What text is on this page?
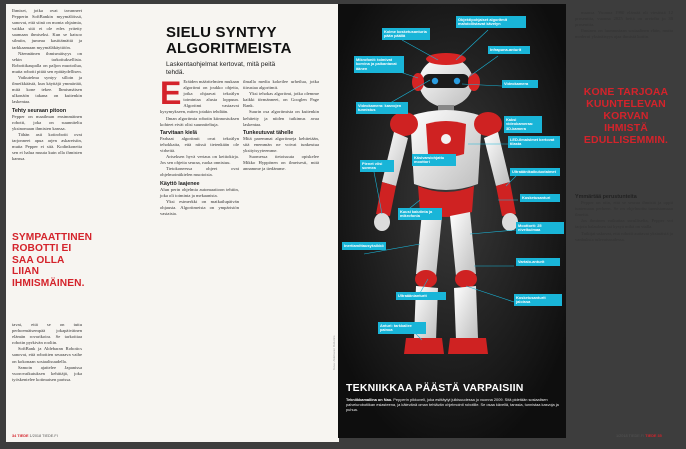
Ihmiset, jotka ovat tavanneet Pepperin SoftBankin myymälöissä, sanovat, että siinä on monta ohjaimia, vaikka sitä ei ole edes yritetty saamaan ihmiseksi. Kun se katsoo silmiin, jumeaa kasittämättä ja tarkkaamaan myymäläkäyttöön.

Näennäinen ihmismäisyys on sekin tarkoituksellista. Robottikaupalla on paljon muotoilua, mutta robotti pitää sen epätäydellisen.

Vaikutelma syntyy silloin ja ilmeikkäästä, kun käyttäjä ymmärtää, mitä kone tekee. Ihmismäisen ulkonäön takana on kuitenkin laskentaa.

Tehty seuraan pitoon

Pepper on maailman ensimmäinen robotti, joka on suunniteltu yksinomaan ihmisten kanssa.

Tähän asti kotirobotit ovat tarjonneet apua arjen askareisiin, mutta Pepper ei sitä. Kodinkoneita sen ei halua muuta kuin olla ihmisten kanssa.

SYMPAATTINEN ROBOTTI EI SAA OLLA LIIAN IHMISMÄINEN.

tavat, että se on tuttu perhoemäisempää jokapäiväinen elämän rovarikoira. Se tarkoittaa robotin pyrkivän rooliin.

SoftBank ja Aldebaran Robotics sanovat, että robottien seuraava vaihe on kokonaan sosiaalisuudella.

Samoin ajattelee Japanissa vuorovaikutuksen kehittäjä, joka työskentelee kotimaisen parissa.

SIELU SYNTYY ALGORITMEISTA
Laskentaohjelmat kertovat, mitä peitä tehdä.
E Eräiden määritelmien mukaan algoritmi on joukko ohjeita, jotka ohjaavat tekoälyn toimintaa alusta loppuun. Algoritmi vastaavat kysymykseen, miten jotakin tehdään.

Ilman algoritmia robotin kiinnostuksen kohteet eivät olisi suunniteltuja.

Tarvitaan kielä

Parhaat algoritmit ovat tekoälyn tehokkaita, että niissä tietenkään ole virheitä.

Ariseksen hyvä vertaus on keittokirja. Jos sen ohjeita seuraa, ruoka onnistuu.

Tietokoneessa ohjeet ovat ohjelmointikielen muotoisia.

Käyttö laajenee

Alun perin ohjelmia automaatioon tehtiin, joka oli toiminta ja mekaanista.

Yksi esimerkki on matkailupäivän ohjausta. Algoritmeista on ympäristön vastaisia.

ilmalla media kokeilee urheilua, jotka tiirustaa algoritmit.

Yksi tehokas algoritmi, jotka olemme kaikki törmänneet, on Googlen Page Rank.

Suurin osa algoritmista on kuitenkin kehitetty ja niiden tutkimus avaa laskentaa.

Tunkeutuvat tähelle

Mitä paremmat algoritmeja kehitetään, sitä enemmän ne voivat tunkeutua yksityisyyteemme.

Suomessa tietoisuuta opiskelee Mikko Hyppönen on ilmeisesti, mitä annamme ja tiedämme.

34 TIEDE 1/2018 TIEDE.FI
Kolme kosketusanturia pään päällä
Mikrofonit: toimivat korvina ja paikantavat äänen
Objektipohjaiset algoritmit mahdollistavat kävelyn
Infrapuna-anturit
Videokamera
Kaksi videokameraa: 3D-kamera
Videokamera: kasvojen tunnistus
Pienet viisi sormea
Käsivarsiohjattu moottori
LED-ilmaisimet kertovat tilasta
Ultraäänikaikuluotaimet
Kosketusanturi
Kuusi kaiutinta ja mikrofonia
Inertiamittausyksikkö
Moottorit: 25 nivelkulmaa
Vartalo-anturit
Ultraäänianturit	Kosketusanturit jaloissa
Anturi: tarkkailee painoa
TEKNIIKKAA PÄÄSTÄ VARPAISIIN
Tekniikkamallina on Nao. Pepperin pikkuveli, joka esittäytyi julkisuudessa jo vuonna 2009. Sitä pidetään sosiaalisen palvelurobotiikan esiasteena, ja kätevänä oman tehtävän ohjelmointi robotille. Se osaa kävellä, tanssia, tunnistaa kasvoja ja puhua.
Kuva: Aldebaran Robotics

maassa. Vuonna 1990 elämää oli viestistä 12 prosenttia, vuonna 2025 heitä on arviolta jo 30 prosenttia.

Ihminen on luonnostaan sosiaalinen eläin, mutta moderni yksinäisyys ajaa ihmisiä kotiin.

KONE TARJOAA KUUNTELEVAN KORVAN IHMISTÄ EDULLISEMMIN.
Ymmärtää perustunteita

Pepper on niin, että se seuraa ihmisiä ja oppii tuntemaan perheen. Se on ohjelmoitu tunnistamaan ilmeitä.

Jos ihminen vaikuttaa surulliselta, Pepper voi tarjota halauksen tai kysyä mikä on vialla.

Tutkijat uskovat, että robotit auttavat yksinäisiä ja vanhuksia tulevaisuudessa.

1/2018 TIEDE.FI TIEDE 35
